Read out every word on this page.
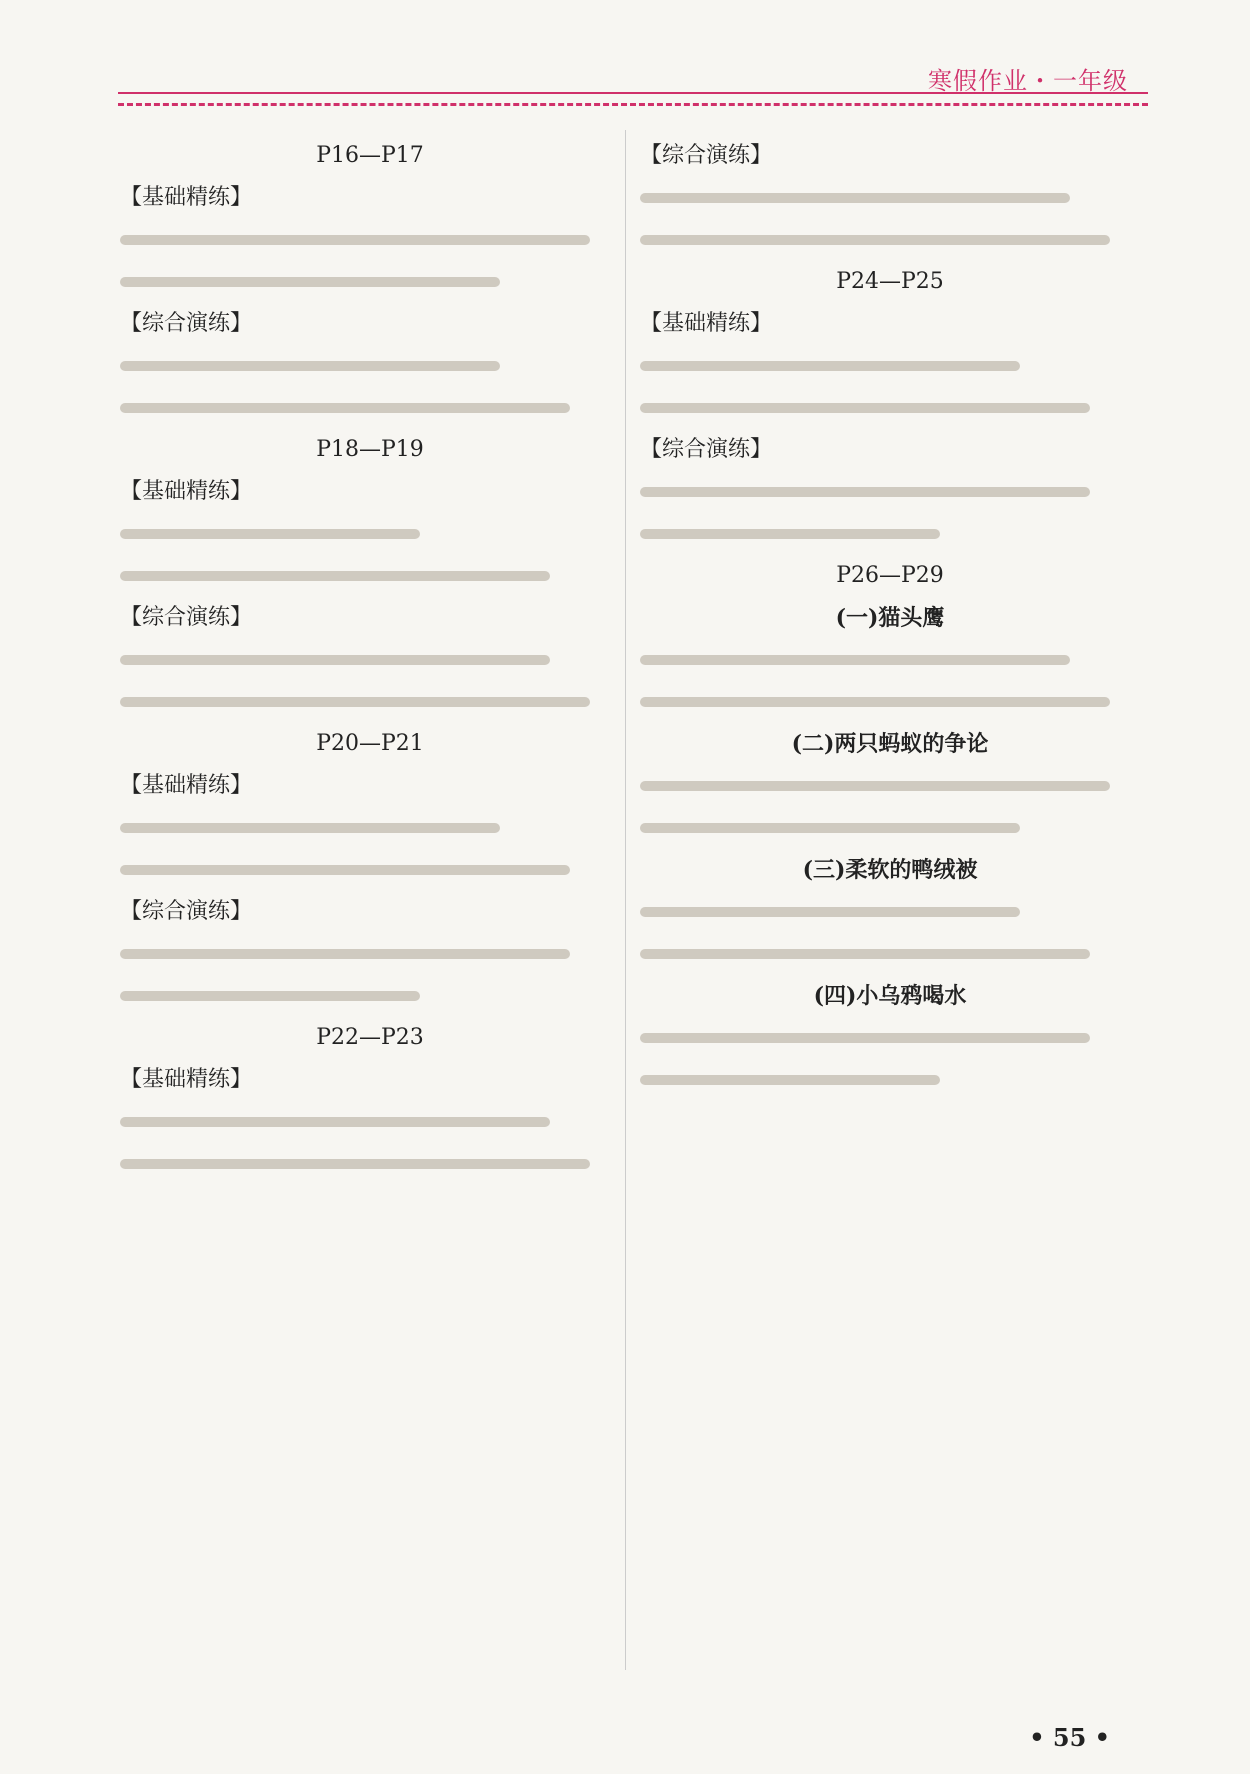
寒假作业・一年级
P16—P17
【基础精练】
【综合演练】
P18—P19
【基础精练】
【综合演练】
P20—P21
【基础精练】
【综合演练】
P22—P23
【基础精练】
【综合演练】
P24—P25
【基础精练】
【综合演练】
P26—P29
(一)猫头鹰
(二)两只蚂蚁的争论
(三)柔软的鸭绒被
(四)小乌鸦喝水
• 55 •
